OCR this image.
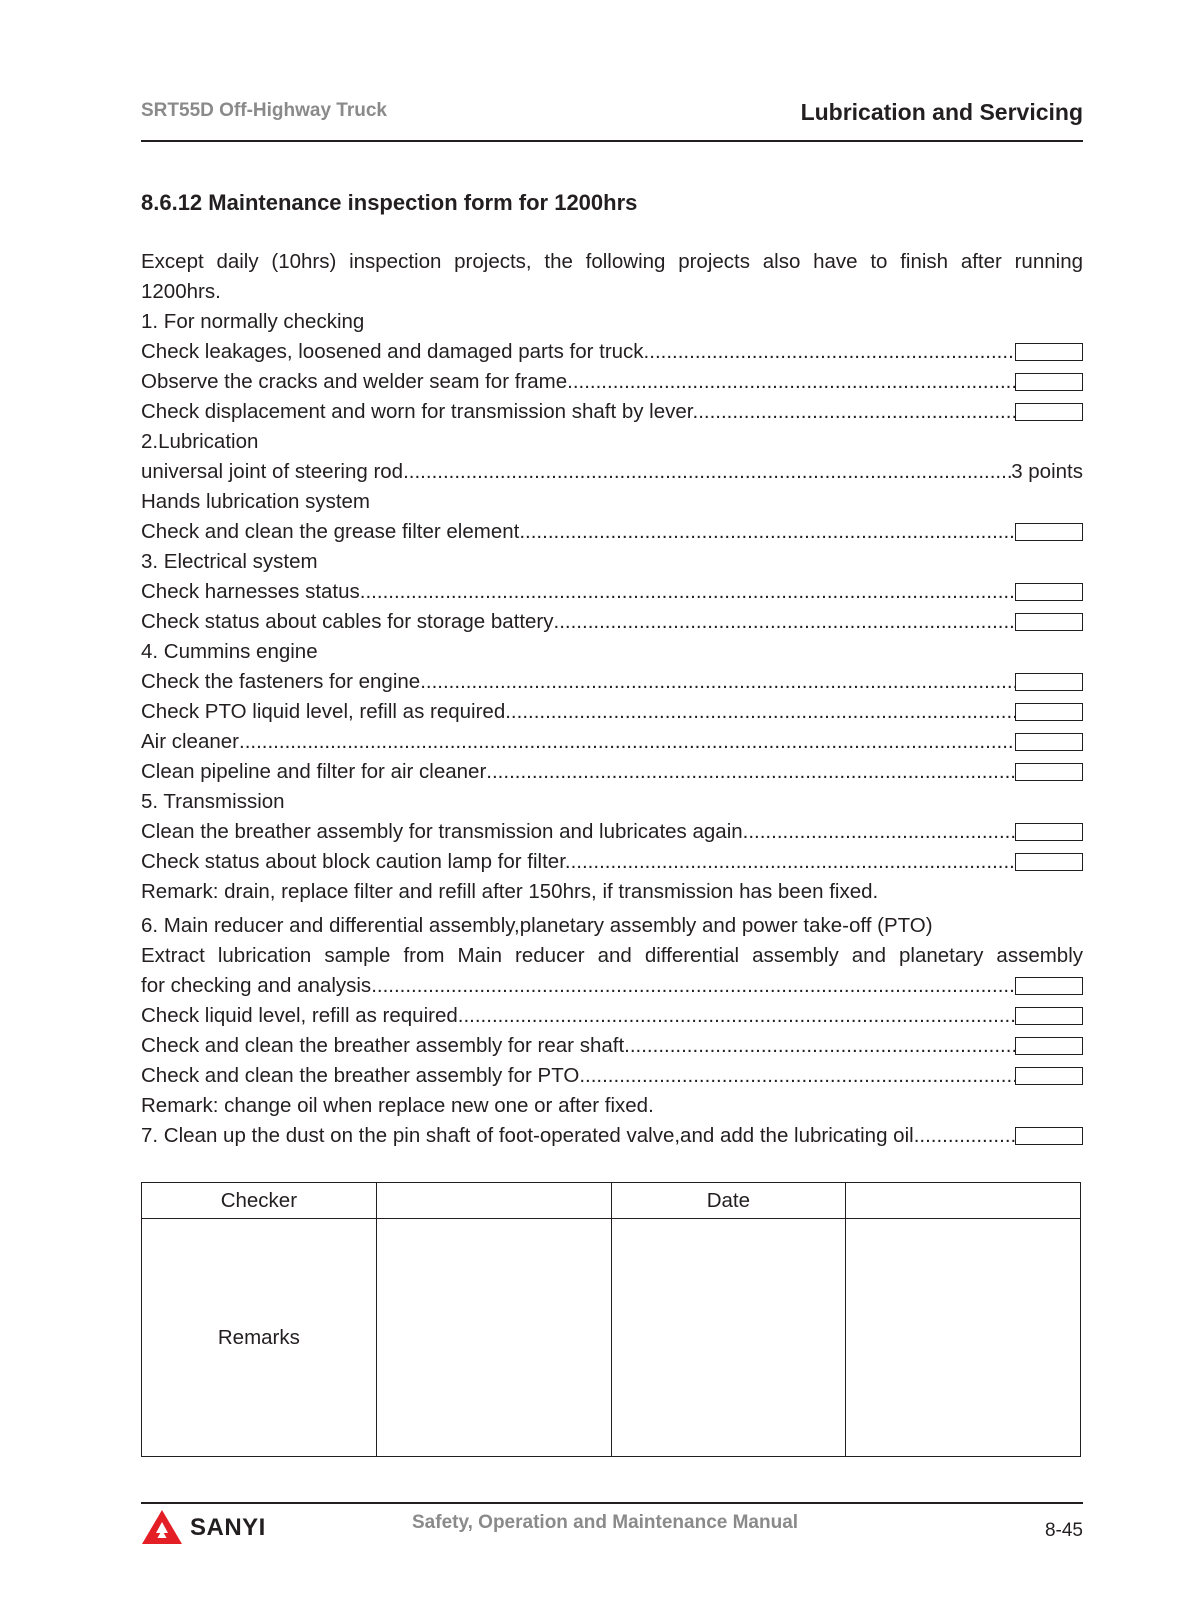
SRT55D Off-Highway Truck	Lubrication and Servicing
8.6.12 Maintenance inspection form for 1200hrs
Except daily (10hrs) inspection projects, the following projects also have to finish after running
1200hrs.
1. For normally checking
Check leakages, loosened and damaged parts for truck.
.....
Observe the cracks and welder seam for frame
.....
Check displacement and worn for transmission shaft by lever.
.....
2.Lubrication
universal joint of steering rod .....	3 points
Hands lubrication system
Check and clean the grease filter element
.....
3. Electrical system
Check harnesses status.
.....
Check status about cables for storage battery
.....
4. Cummins engine
Check the fasteners for engine
.....
Check PTO liquid level, refill as required
.....
Air cleaner
.....
Clean pipeline and filter for air cleaner
.....
5. Transmission
Clean the breather assembly for transmission and lubricates again.
.....
Check status about block caution lamp for filter.
.....
Remark: drain, replace filter and refill after 150hrs, if transmission has been fixed.
6. Main reducer and differential assembly,planetary assembly and power take-off (PTO)
Extract lubrication sample from Main reducer and differential assembly and planetary assembly
for checking and analysis
.....
Check liquid level, refill as required
.....
Check and clean the breather assembly for rear shaft.
.....
Check and clean the breather assembly for PTO
.....
Remark: change oil when replace new one or after fixed.
7. Clean up the dust on the pin shaft of foot-operated valve,and add the lubricating oil.
.....
Checker		Date	
Remarks			
SANYI	Safety, Operation and Maintenance Manual	8-45
